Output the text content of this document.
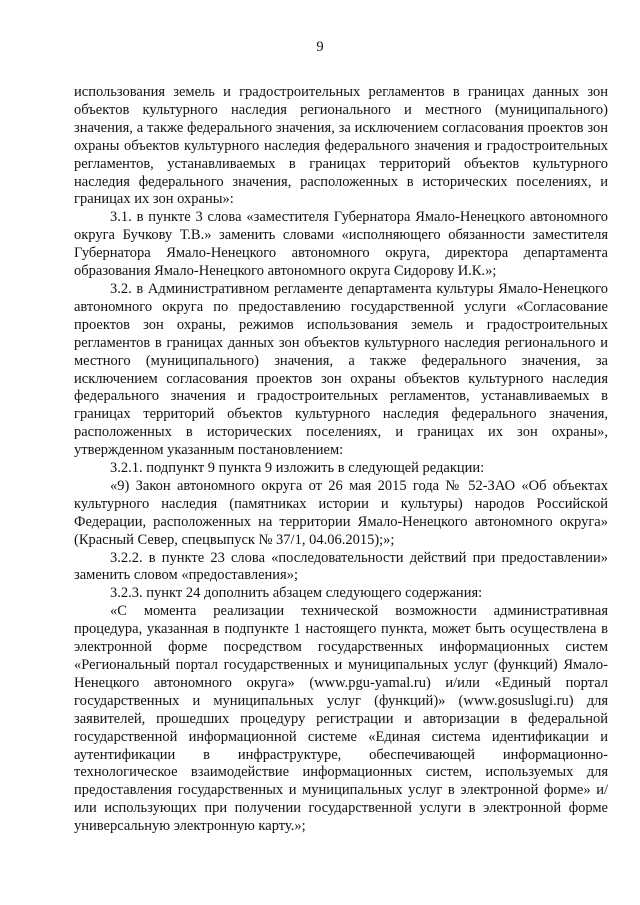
9

использования земель и градостроительных регламентов в границах данных зон объектов культурного наследия регионального и местного (муниципального) значения, а также федерального значения, за исключением согласования проектов зон охраны объектов культурного наследия федерального значения и градостроительных регламентов, устанавливаемых в границах территорий объектов культурного наследия федерального значения, расположенных в исторических поселениях, и границах их зон охраны»:

3.1. в пункте 3 слова «заместителя Губернатора Ямало-Ненецкого автономного округа Бучкову Т.В.» заменить словами «исполняющего обязанности заместителя Губернатора Ямало-Ненецкого автономного округа, директора департамента образования Ямало-Ненецкого автономного округа Сидорову И.К.»;

3.2. в Административном регламенте департамента культуры Ямало-Ненецкого автономного округа по предоставлению государственной услуги «Согласование проектов зон охраны, режимов использования земель и градостроительных регламентов в границах данных зон объектов культурного наследия регионального и местного (муниципального) значения, а также федерального значения, за исключением согласования проектов зон охраны объектов культурного наследия федерального значения и градостроительных регламентов, устанавливаемых в границах территорий объектов культурного наследия федерального значения, расположенных в исторических поселениях, и границах их зон охраны», утвержденном указанным постановлением:

3.2.1. подпункт 9 пункта 9 изложить в следующей редакции:

«9) Закон автономного округа от 26 мая 2015 года № 52-ЗАО «Об объектах культурного наследия (памятниках истории и культуры) народов Российской Федерации, расположенных на территории Ямало-Ненецкого автономного округа» (Красный Север, спецвыпуск № 37/1, 04.06.2015);»;

3.2.2. в пункте 23 слова «последовательности действий при предоставлении» заменить словом «предоставления»;

3.2.3. пункт 24 дополнить абзацем следующего содержания:

«С момента реализации технической возможности административная процедура, указанная в подпункте 1 настоящего пункта, может быть осуществлена в электронной форме посредством государственных информационных систем «Региональный портал государственных и муниципальных услуг (функций) Ямало-Ненецкого автономного округа» (www.pgu-yamal.ru) и/или «Единый портал государственных и муниципальных услуг (функций)» (www.gosuslugi.ru) для заявителей, прошедших процедуру регистрации и авторизации в федеральной государственной информационной системе «Единая система идентификации и аутентификации в инфраструктуре, обеспечивающей информационно-технологическое взаимодействие информационных систем, используемых для предоставления государственных и муниципальных услуг в электронной форме» и/или использующих при получении государственной услуги в электронной форме универсальную электронную карту.»;
